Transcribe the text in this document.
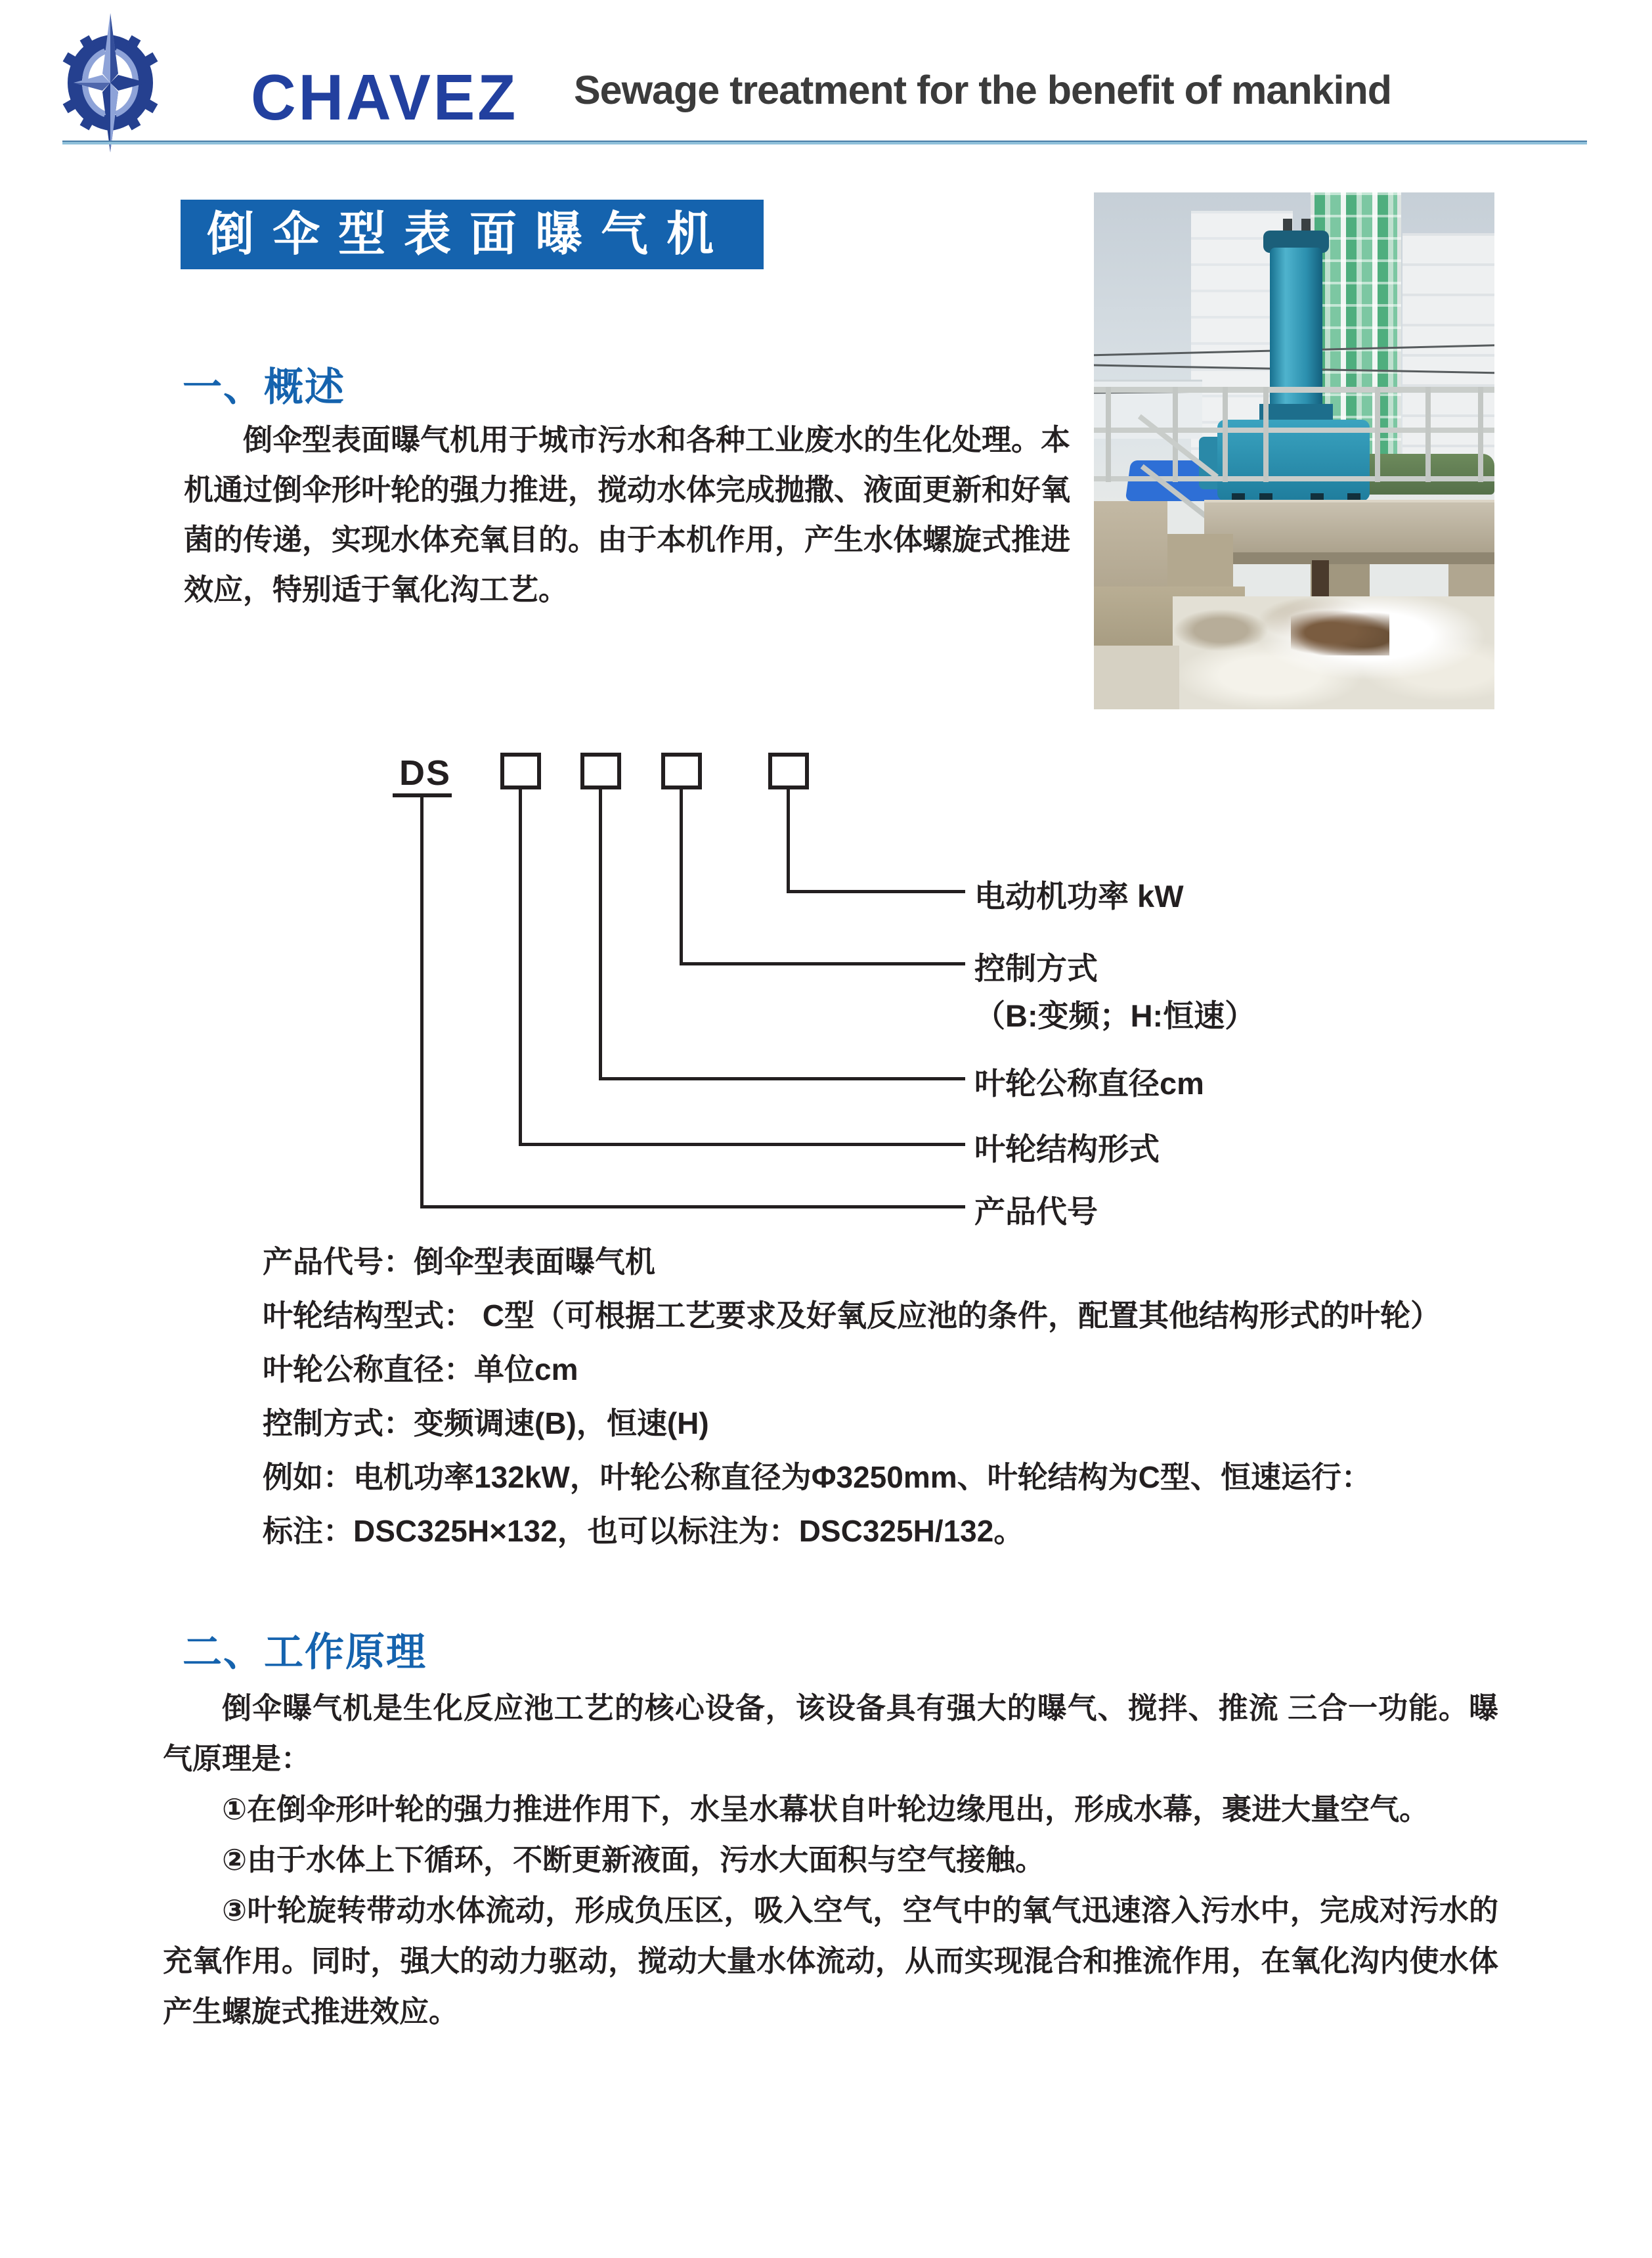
CHAVEZ Sewage treatment for the benefit of mankind
倒伞型表面曝气机
一、概述

倒伞型表面曝气机用于城市污水和各种工业废水的生化处理。本机通过倒伞形叶轮的强力推进，搅动水体完成抛撒、液面更新和好氧菌的传递，实现水体充氧目的。由于本机作用，产生水体螺旋式推进效应，特别适于氧化沟工艺。

DS
电动机功率 kW
控制方式
（B:变频；H:恒速）
叶轮公称直径cm
叶轮结构形式
产品代号
产品代号：倒伞型表面曝气机
叶轮结构型式： C型（可根据工艺要求及好氧反应池的条件，配置其他结构形式的叶轮）
叶轮公称直径：单位cm
控制方式：变频调速(B)，恒速(H)
例如：电机功率132kW，叶轮公称直径为Φ3250mm、叶轮结构为C型、恒速运行：
标注：DSC325H×132，也可以标注为：DSC325H/132。
二、工作原理

倒伞曝气机是生化反应池工艺的核心设备，该设备具有强大的曝气、搅拌、推流 三合一功能。曝气原理是：

①在倒伞形叶轮的强力推进作用下，水呈水幕状自叶轮边缘甩出，形成水幕，裹进大量空气。

②由于水体上下循环，不断更新液面，污水大面积与空气接触。

③叶轮旋转带动水体流动，形成负压区，吸入空气，空气中的氧气迅速溶入污水中，完成对污水的充氧作用。同时，强大的动力驱动，搅动大量水体流动，从而实现混合和推流作用，在氧化沟内使水体产生螺旋式推进效应。
